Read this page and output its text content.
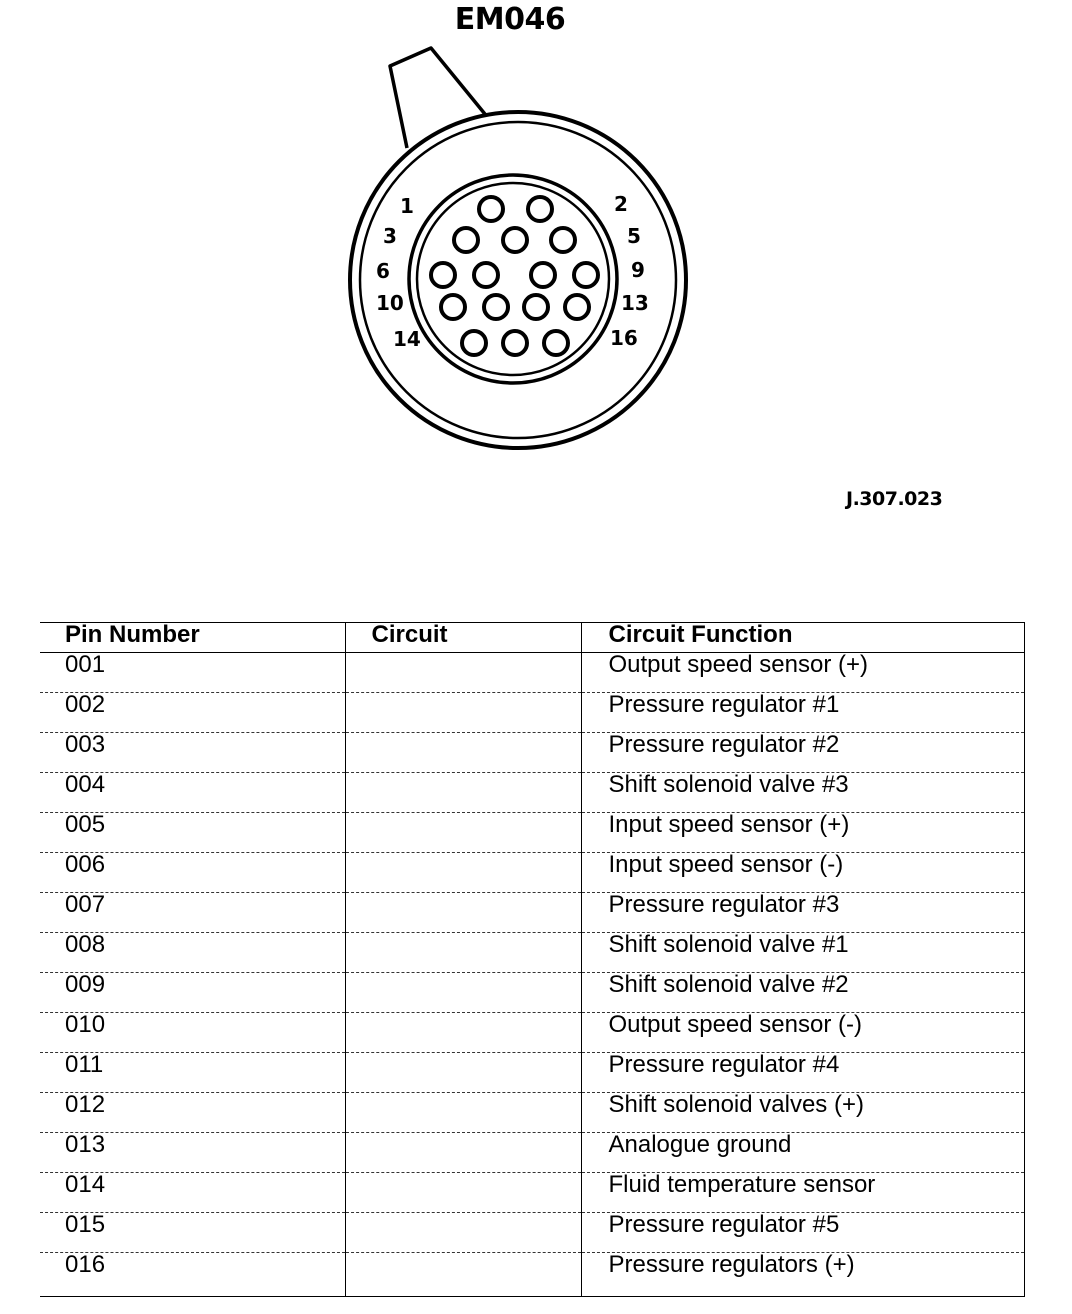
EM046
1	2
3	5
6	9
10	13
14	16
J.307.023
Pin Number	Circuit	Circuit Function
001		Output speed sensor (+)
002		Pressure regulator #1
003		Pressure regulator #2
004		Shift solenoid valve #3
005		Input speed sensor (+)
006		Input speed sensor (-)
007		Pressure regulator #3
008		Shift solenoid valve #1
009		Shift solenoid valve #2
010		Output speed sensor (-)
011		Pressure regulator #4
012		Shift solenoid valves (+)
013		Analogue ground
014		Fluid temperature sensor
015		Pressure regulator #5
016		Pressure regulators (+)
